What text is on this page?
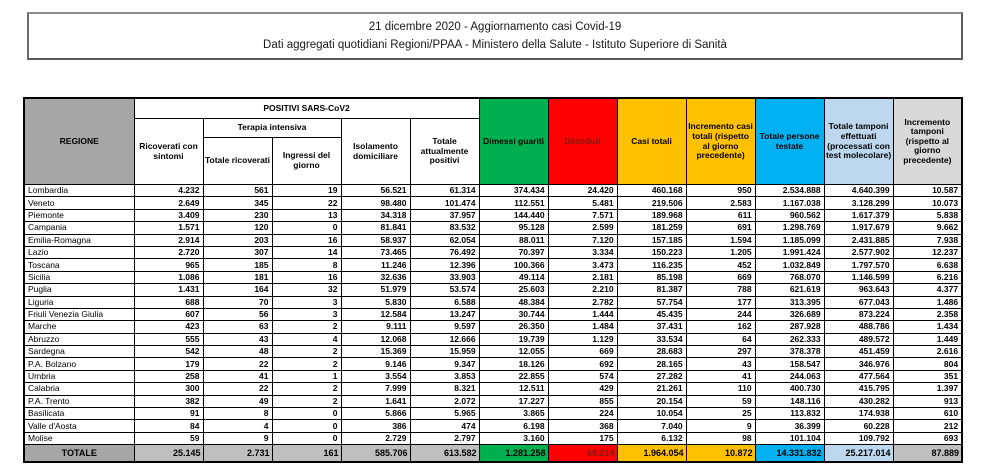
21 dicembre 2020 - Aggiornamento casi Covid-19
Dati aggregati quotidiani Regioni/PPAA - Ministero della Salute - Istituto Superiore di Sanità
REGIONE	POSITIVI SARS-CoV2					Dimessi guariti	Deceduti	Casi totali	Incremento casi totali (rispetto al giorno precedente)	Totale persone testate	Totale tamponi effettuati (processati con test molecolare)	Incremento tamponi (rispetto al giorno precedente)
	Ricoverati con sintomi	Terapia intensiva		Isolamento domiciliare	Totale attualmente positivi							
		Totale ricoverati	Ingressi del giorno									
Lombardia	4.232	561	19	56.521	61.314	374.434	24.420	460.168	950	2.534.888	4.640.399	10.587
Veneto	2.649	345	22	98.480	101.474	112.551	5.481	219.506	2.583	1.167.038	3.128.299	10.073
Piemonte	3.409	230	13	34.318	37.957	144.440	7.571	189.968	611	960.562	1.617.379	5.838
Campania	1.571	120	0	81.841	83.532	95.128	2.599	181.259	691	1.298.769	1.917.679	9.662
Emilia-Romagna	2.914	203	16	58.937	62.054	88.011	7.120	157.185	1.594	1.185.099	2.431.885	7.938
Lazio	2.720	307	14	73.465	76.492	70.397	3.334	150.223	1.205	1.991.424	2.577.902	12.237
Toscana	965	185	8	11.246	12.396	100.366	3.473	116.235	452	1.032.849	1.797.570	6.638
Sicilia	1.086	181	16	32.636	33.903	49.114	2.181	85.198	669	768.070	1.146.599	6.216
Puglia	1.431	164	32	51.979	53.574	25.603	2.210	81.387	788	621.619	963.643	4.377
Liguria	688	70	3	5.830	6.588	48.384	2.782	57.754	177	313.395	677.043	1.486
Friuli Venezia Giulia	607	56	3	12.584	13.247	30.744	1.444	45.435	244	326.689	873.224	2.358
Marche	423	63	2	9.111	9.597	26.350	1.484	37.431	162	287.928	488.786	1.434
Abruzzo	555	43	4	12.068	12.666	19.739	1.129	33.534	64	262.333	489.572	1.449
Sardegna	542	48	2	15.369	15.959	12.055	669	28.683	297	378.378	451.459	2.616
P.A. Bolzano	179	22	2	9.146	9.347	18.126	692	28.165	43	158.547	346.976	804
Umbria	258	41	1	3.554	3.853	22.855	574	27.282	41	244.063	477.564	351
Calabria	300	22	2	7.999	8.321	12.511	429	21.261	110	400.730	415.795	1.397
P.A. Trento	382	49	2	1.641	2.072	17.227	855	20.154	59	148.116	430.282	913
Basilicata	91	8	0	5.866	5.965	3.865	224	10.054	25	113.832	174.938	610
Valle d'Aosta	84	4	0	386	474	6.198	368	7.040	9	36.399	60.228	212
Molise	59	9	0	2.729	2.797	3.160	175	6.132	98	101.104	109.792	693
TOTALE	25.145	2.731	161	585.706	613.582	1.281.258	69.214	1.964.054	10.872	14.331.832	25.217.014	87.889
